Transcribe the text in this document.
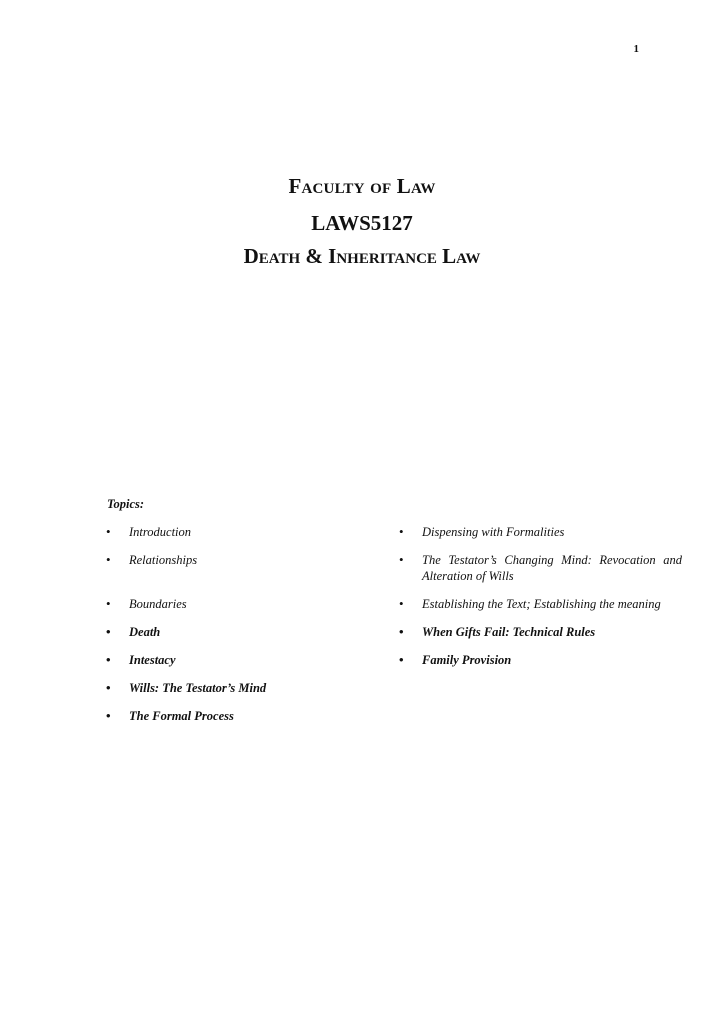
1
Faculty of Law
LAWS5127
Death & Inheritance Law
Topics:
• Introduction
• Relationships
• Boundaries
• Death
• Intestacy
• Wills: The Testator’s Mind
• The Formal Process
• Dispensing with Formalities
• The Testator’s Changing Mind: Revocation and Alteration of Wills
• Establishing the Text; Establishing the meaning
• When Gifts Fail: Technical Rules
• Family Provision
